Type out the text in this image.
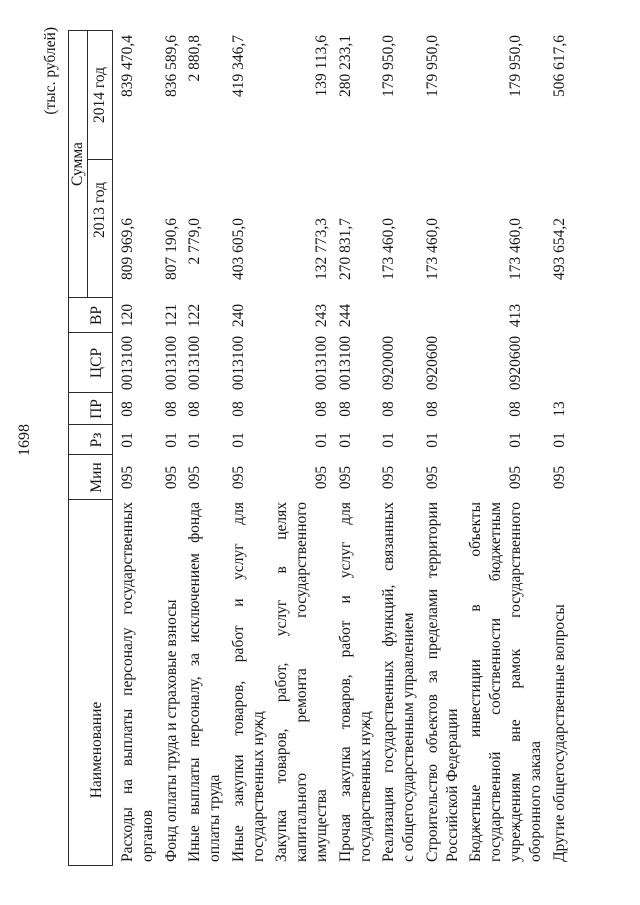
1698
(тыс. рублей)
Наименование
Мин
Рз
ПР
ЦСР
ВР
Сумма
2013 год
2014 год
Расходы на выплаты персоналу государственных органов
095
01
08
0013100
120
809 969,6
839 470,4
Фонд оплаты труда и страховые взносы
095
01
08
0013100
121
807 190,6
836 589,6
Иные выплаты персоналу, за исключением фонда оплаты труда
095
01
08
0013100
122
2 779,0
2 880,8
Иные закупки товаров, работ и услуг для государственных нужд
095
01
08
0013100
240
403 605,0
419 346,7
Закупка товаров, работ, услуг в целях капитального ремонта государственного имущества
095
01
08
0013100
243
132 773,3
139 113,6
Прочая закупка товаров, работ и услуг для государственных нужд
095
01
08
0013100
244
270 831,7
280 233,1
Реализация государственных функций, связанных с общегосударственным управлением
095
01
08
0920000
173 460,0
179 950,0
Строительство объектов за пределами территории Российской Федерации
095
01
08
0920600
173 460,0
179 950,0
Бюджетные инвестиции в объекты государственной собственности бюджетным учреждениям вне рамок государственного оборонного заказа
095
01
08
0920600
413
173 460,0
179 950,0
Другие общегосударственные вопросы
095
01
13
493 654,2
506 617,6
